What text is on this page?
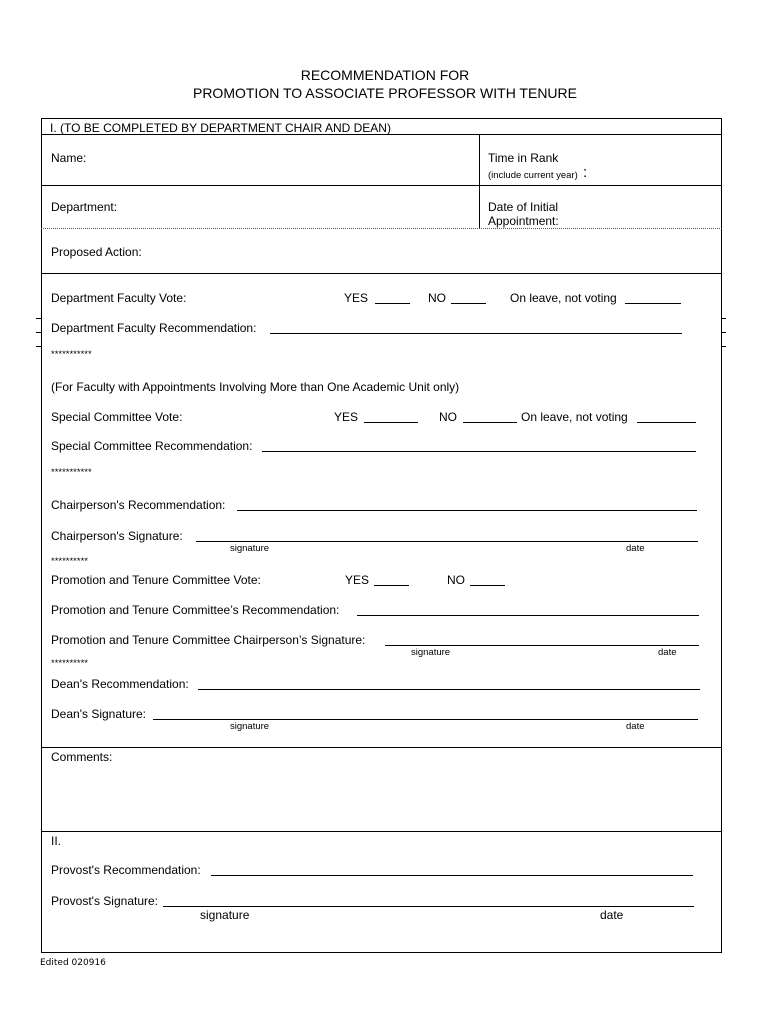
RECOMMENDATION FOR
PROMOTION TO ASSOCIATE PROFESSOR WITH TENURE
I. (TO BE COMPLETED BY DEPARTMENT CHAIR AND DEAN)
Name:	Time in Rank
(include current year) :
Department:	Date of Initial
Appointment:
Proposed Action:
Department Faculty Vote:	YES	NO	On leave, not voting
Department Faculty Recommendation:
***********
(For Faculty with Appointments Involving More than One Academic Unit only)
Special Committee Vote:	YES	NO	On leave, not voting
Special Committee Recommendation:
***********
Chairperson's Recommendation:
Chairperson's Signature:
signature	date
**********
Promotion and Tenure Committee Vote:	YES	NO
Promotion and Tenure Committee’s Recommendation:
Promotion and Tenure Committee Chairperson’s Signature:
signature	date
**********
Dean's Recommendation:
Dean's Signature:
signature	date
Comments:
II.
Provost's Recommendation:
Provost's Signature:
signature	date
Edited 020916
